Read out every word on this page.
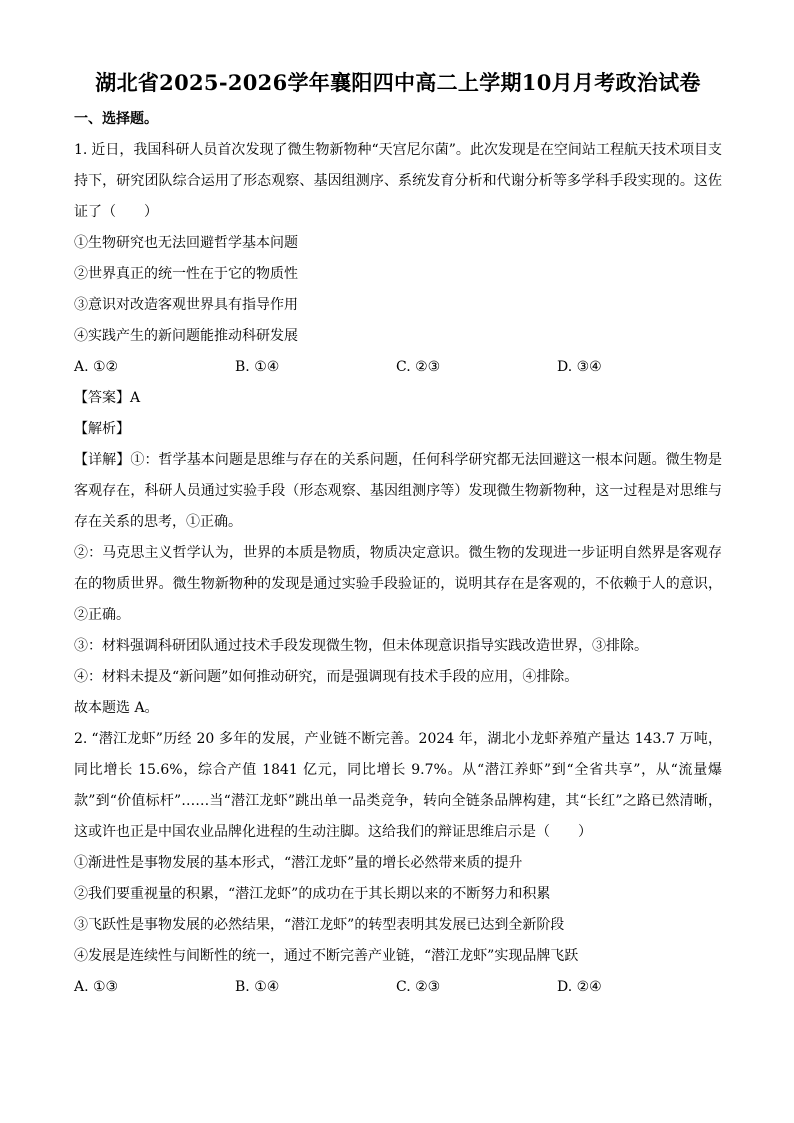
湖北省2025-2026学年襄阳四中高二上学期10月月考政治试卷
一、选择题。

1. 近日，我国科研人员首次发现了微生物新物种“天宫尼尔菌”。此次发现是在空间站工程航天技术项目支持下，研究团队综合运用了形态观察、基因组测序、系统发育分析和代谢分析等多学科手段实现的。这佐证了（　　）

①生物研究也无法回避哲学基本问题
②世界真正的统一性在于它的物质性
③意识对改造客观世界具有指导作用
④实践产生的新问题能推动科研发展
A. ①②	B. ①④	C. ②③	D. ③④
【答案】A
【解析】

【详解】①：哲学基本问题是思维与存在的关系问题，任何科学研究都无法回避这一根本问题。微生物是客观存在，科研人员通过实验手段（形态观察、基因组测序等）发现微生物新物种，这一过程是对思维与存在关系的思考，①正确。

②：马克思主义哲学认为，世界的本质是物质，物质决定意识。微生物的发现进一步证明自然界是客观存在的物质世界。微生物新物种的发现是通过实验手段验证的，说明其存在是客观的，不依赖于人的意识，②正确。

③：材料强调科研团队通过技术手段发现微生物，但未体现意识指导实践改造世界，③排除。

④：材料未提及“新问题”如何推动研究，而是强调现有技术手段的应用，④排除。

故本题选 A。

2. “潜江龙虾”历经 20 多年的发展，产业链不断完善。2024 年，湖北小龙虾养殖产量达 143.7 万吨，同比增长 15.6%，综合产值 1841 亿元，同比增长 9.7%。从“潜江养虾”到“全省共享”，从“流量爆款”到“价值标杆”……当“潜江龙虾”跳出单一品类竞争，转向全链条品牌构建，其“长红”之路已然清晰，这或许也正是中国农业品牌化进程的生动注脚。这给我们的辩证思维启示是（　　）

①渐进性是事物发展的基本形式，“潜江龙虾”量的增长必然带来质的提升
②我们要重视量的积累，“潜江龙虾”的成功在于其长期以来的不断努力和积累
③飞跃性是事物发展的必然结果，“潜江龙虾”的转型表明其发展已达到全新阶段
④发展是连续性与间断性的统一，通过不断完善产业链，“潜江龙虾”实现品牌飞跃
A. ①③	B. ①④	C. ②③	D. ②④
